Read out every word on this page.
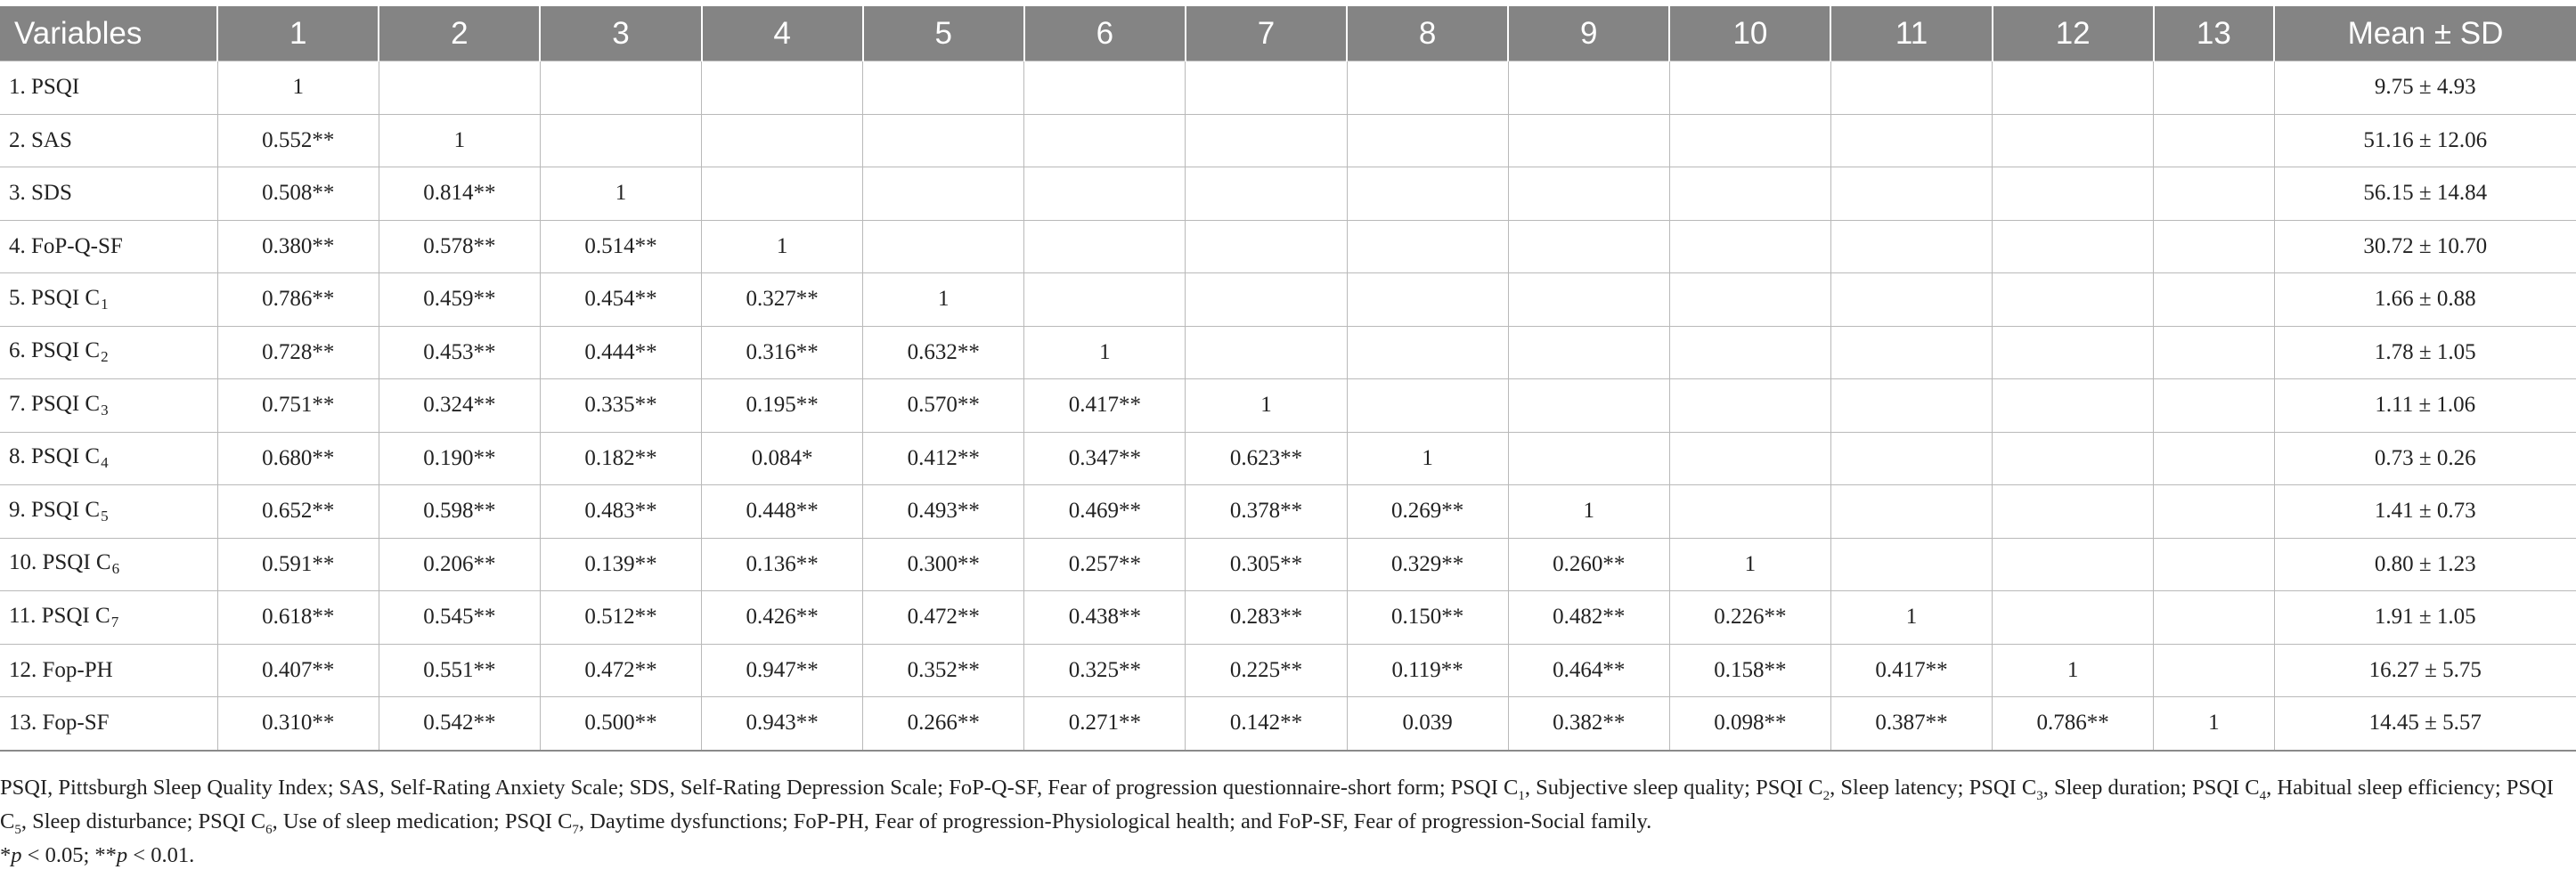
Variables	1	2	3	4	5	6	7	8	9	10	11	12	13	Mean ± SD
1. PSQI	1													9.75 ± 4.93
2. SAS	0.552**	1												51.16 ± 12.06
3. SDS	0.508**	0.814**	1											56.15 ± 14.84
4. FoP-Q-SF	0.380**	0.578**	0.514**	1										30.72 ± 10.70
5. PSQI $C_1$	0.786**	0.459**	0.454**	0.327**	1									1.66 ± 0.88
6. PSQI $C_2$	0.728**	0.453**	0.444**	0.316**	0.632**	1								1.78 ± 1.05
7. PSQI $C_3$	0.751**	0.324**	0.335**	0.195**	0.570**	0.417**	1							1.11 ± 1.06
8. PSQI $C_4$	0.680**	0.190**	0.182**	0.084*	0.412**	0.347**	0.623**	1						0.73 ± 0.26
9. PSQI $C_5$	0.652**	0.598**	0.483**	0.448**	0.493**	0.469**	0.378**	0.269**	1					1.41 ± 0.73
10. PSQI $C_6$	0.591**	0.206**	0.139**	0.136**	0.300**	0.257**	0.305**	0.329**	0.260**	1				0.80 ± 1.23
11. PSQI $C_7$	0.618**	0.545**	0.512**	0.426**	0.472**	0.438**	0.283**	0.150**	0.482**	0.226**	1			1.91 ± 1.05
12. Fop-PH	0.407**	0.551**	0.472**	0.947**	0.352**	0.325**	0.225**	0.119**	0.464**	0.158**	0.417**	1		16.27 ± 5.75
13. Fop-SF	0.310**	0.542**	0.500**	0.943**	0.266**	0.271**	0.142**	0.039	0.382**	0.098**	0.387**	0.786**	1	14.45 ± 5.57

PSQI, Pittsburgh Sleep Quality Index; SAS, Self-Rating Anxiety Scale; SDS, Self-Rating Depression Scale; FoP-Q-SF, Fear of progression questionnaire-short form; PSQI $C_1$, Subjective sleep quality; PSQI $C_2$, Sleep latency; PSQI $C_3$, Sleep duration; PSQI $C_4$, Habitual sleep efficiency; PSQI $C_5$, Sleep disturbance; PSQI $C_6$, Use of sleep medication; PSQI $C_7$, Daytime dysfunctions; FoP-PH, Fear of progression-Physiological health; and FoP-SF, Fear of progression-Social family.

*p < 0.05; **p < 0.01.
